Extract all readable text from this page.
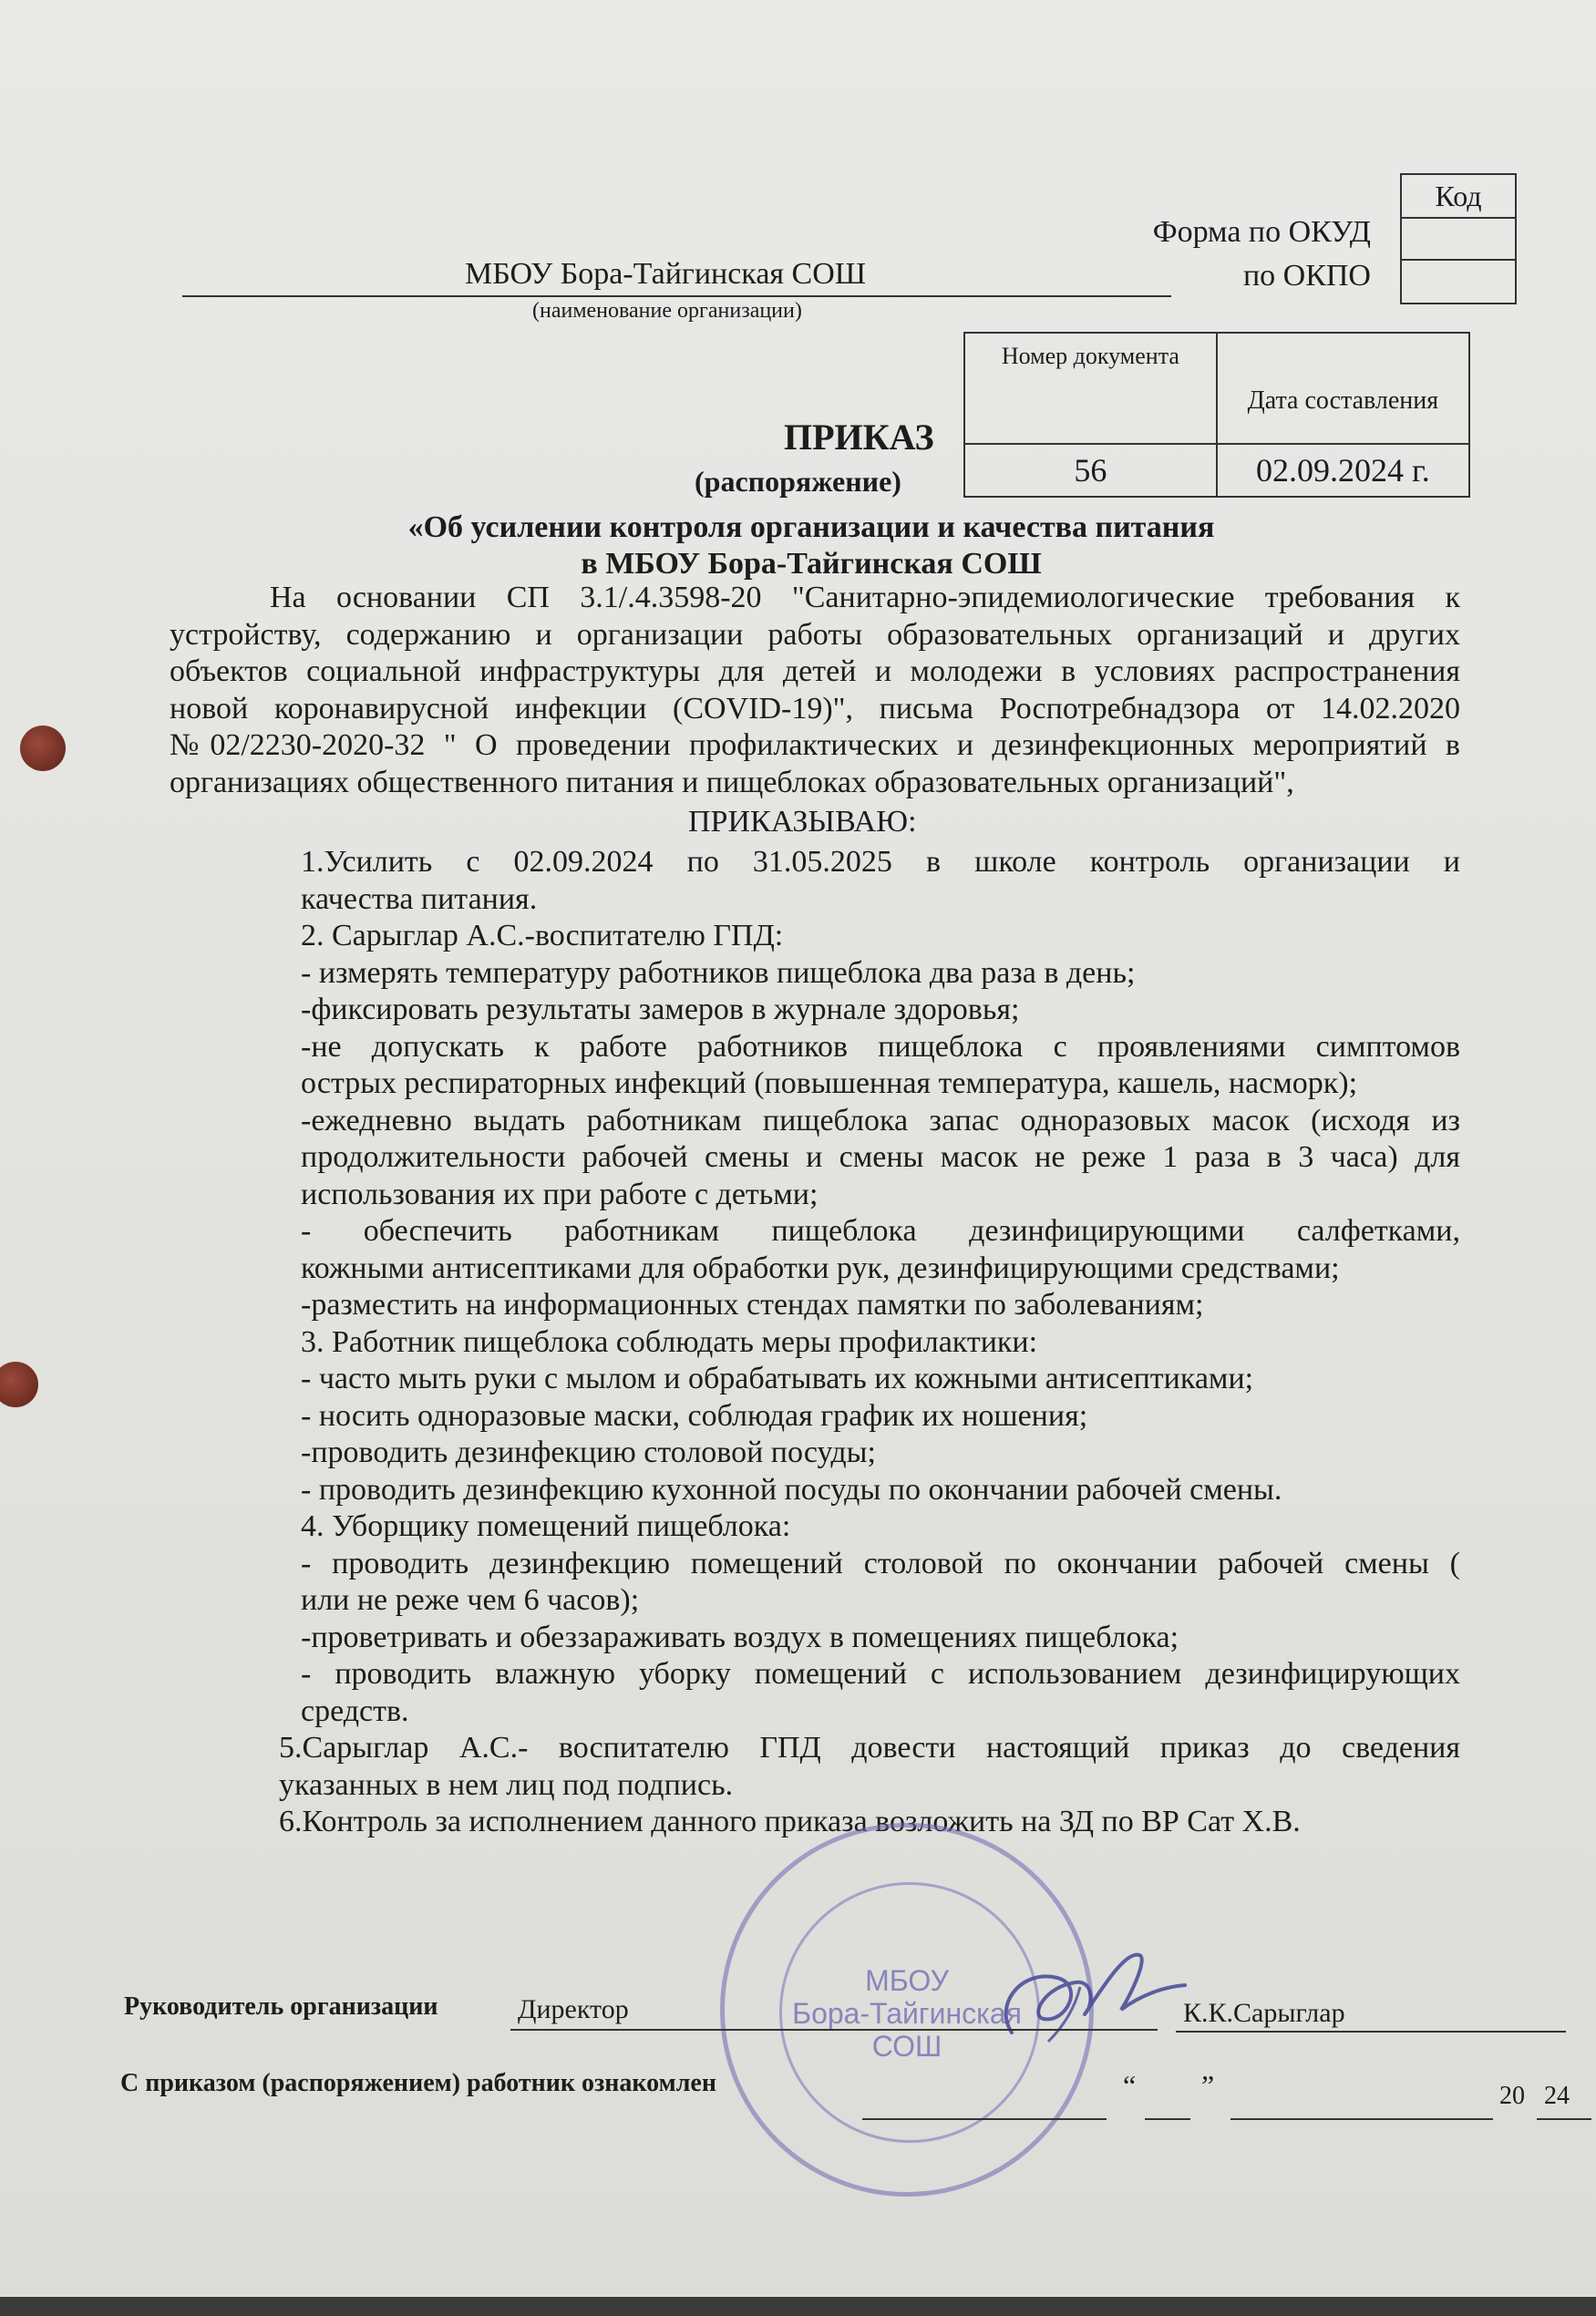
Код

Форма по ОКУД
по ОКПО
МБОУ Бора-Тайгинская СОШ
(наименование организации)
Номер документа	Дата составления
56	02.09.2024 г.
ПРИКАЗ
(распоряжение)
«Об усилении контроля организации и качества питания
в МБОУ Бора-Тайгинская СОШ
На основании СП 3.1/.4.3598-20 "Санитарно-эпидемиологические требования к
устройству, содержанию и организации работы образовательных организаций и других
объектов социальной инфраструктуры для детей и молодежи в условиях распространения
новой коронавирусной инфекции (COVID-19)", письма Роспотребнадзора от 14.02.2020
№02/2230-2020-32 " О проведении профилактических и дезинфекционных мероприятий в
организациях общественного питания и пищеблоках образовательных организаций",
ПРИКАЗЫВАЮ:
1.Усилить с 02.09.2024 по 31.05.2025 в школе контроль организации и
качества питания.
2. Сарыглар А.С.-воспитателю ГПД:
- измерять температуру работников пищеблока два раза в день;
-фиксировать результаты замеров в журнале здоровья;
-не допускать к работе работников пищеблока с проявлениями симптомов
острых респираторных инфекций (повышенная температура, кашель, насморк);
-ежедневно выдать работникам пищеблока запас одноразовых масок (исходя из
продолжительности рабочей смены и смены масок не реже 1 раза в 3 часа) для
использования их при работе с детьми;
- обеспечить работникам пищеблока дезинфицирующими салфетками,
кожными антисептиками для обработки рук, дезинфицирующими средствами;
-разместить на информационных стендах памятки по заболеваниям;
3. Работник пищеблока соблюдать меры профилактики:
- часто мыть руки с мылом и обрабатывать их кожными антисептиками;
- носить одноразовые маски, соблюдая график их ношения;
-проводить дезинфекцию столовой посуды;
- проводить дезинфекцию кухонной посуды по окончании рабочей смены.
4. Уборщику помещений пищеблока:
- проводить дезинфекцию помещений столовой по окончании рабочей смены (
или не реже чем 6 часов);
-проветривать и обеззараживать воздух в помещениях пищеблока;
- проводить влажную уборку помещений с использованием дезинфицирующих
средств.
5.Сарыглар А.С.- воспитателю ГПД довести настоящий приказ до сведения
указанных в нем лиц под подпись.
6.Контроль за исполнением данного приказа возложить на ЗД по ВР Сат Х.В.
МБОУ
Бора-Тайгинская
СОШ
Руководитель организации	Директор	К.К.Сарыглар
С приказом (распоряжением) работник ознакомлен	“ ”	20 24
